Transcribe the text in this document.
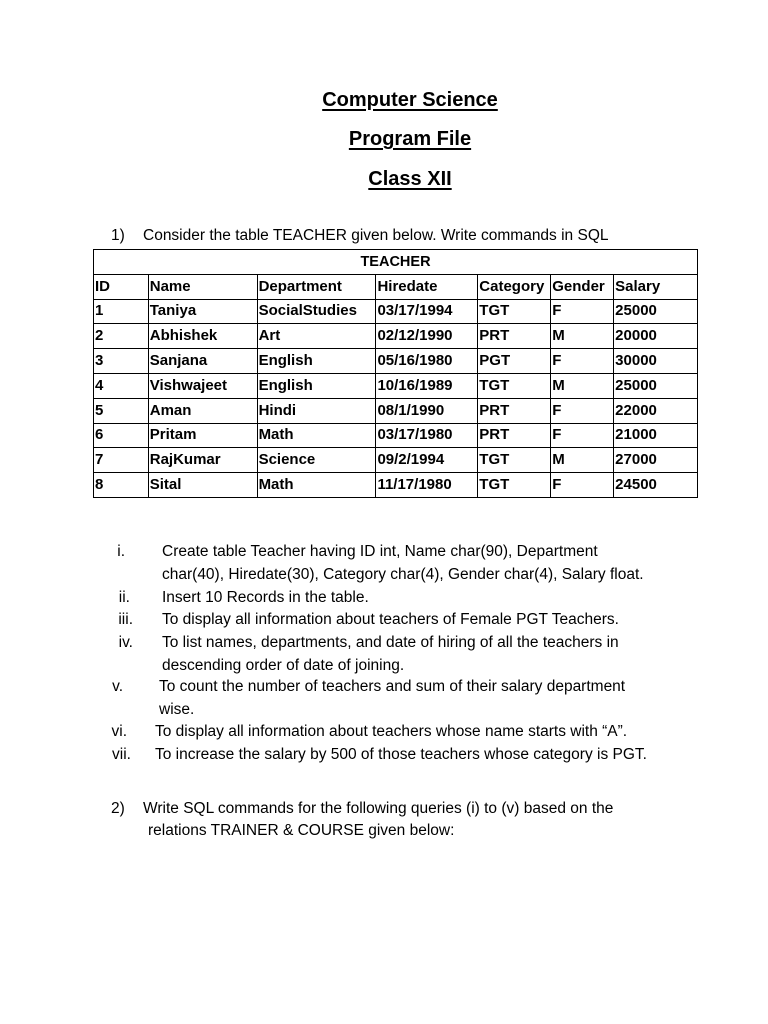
Computer Science
Program File
Class XII
1) Consider the table TEACHER given below. Write commands in SQL
TEACHER						
ID	Name	Department	Hiredate	Category	Gender	Salary
1	Taniya	SocialStudies	03/17/1994	TGT	F	25000
2	Abhishek	Art	02/12/1990	PRT	M	20000
3	Sanjana	English	05/16/1980	PGT	F	30000
4	Vishwajeet	English	10/16/1989	TGT	M	25000
5	Aman	Hindi	08/1/1990	PRT	F	22000
6	Pritam	Math	03/17/1980	PRT	F	21000
7	RajKumar	Science	09/2/1994	TGT	M	27000
8	Sital	Math	11/17/1980	TGT	F	24500
i. Create table Teacher having ID int, Name char(90), Department
char(40), Hiredate(30), Category char(4), Gender char(4), Salary float.
ii. Insert 10 Records in the table.
iii. To display all information about teachers of Female PGT Teachers.
iv. To list names, departments, and date of hiring of all the teachers in
descending order of date of joining.
v. To count the number of teachers and sum of their salary department
wise.
vi. To display all information about teachers whose name starts with “A”.
vii. To increase the salary by 500 of those teachers whose category is PGT.
2) Write SQL commands for the following queries (i) to (v) based on the
relations TRAINER & COURSE given below:
